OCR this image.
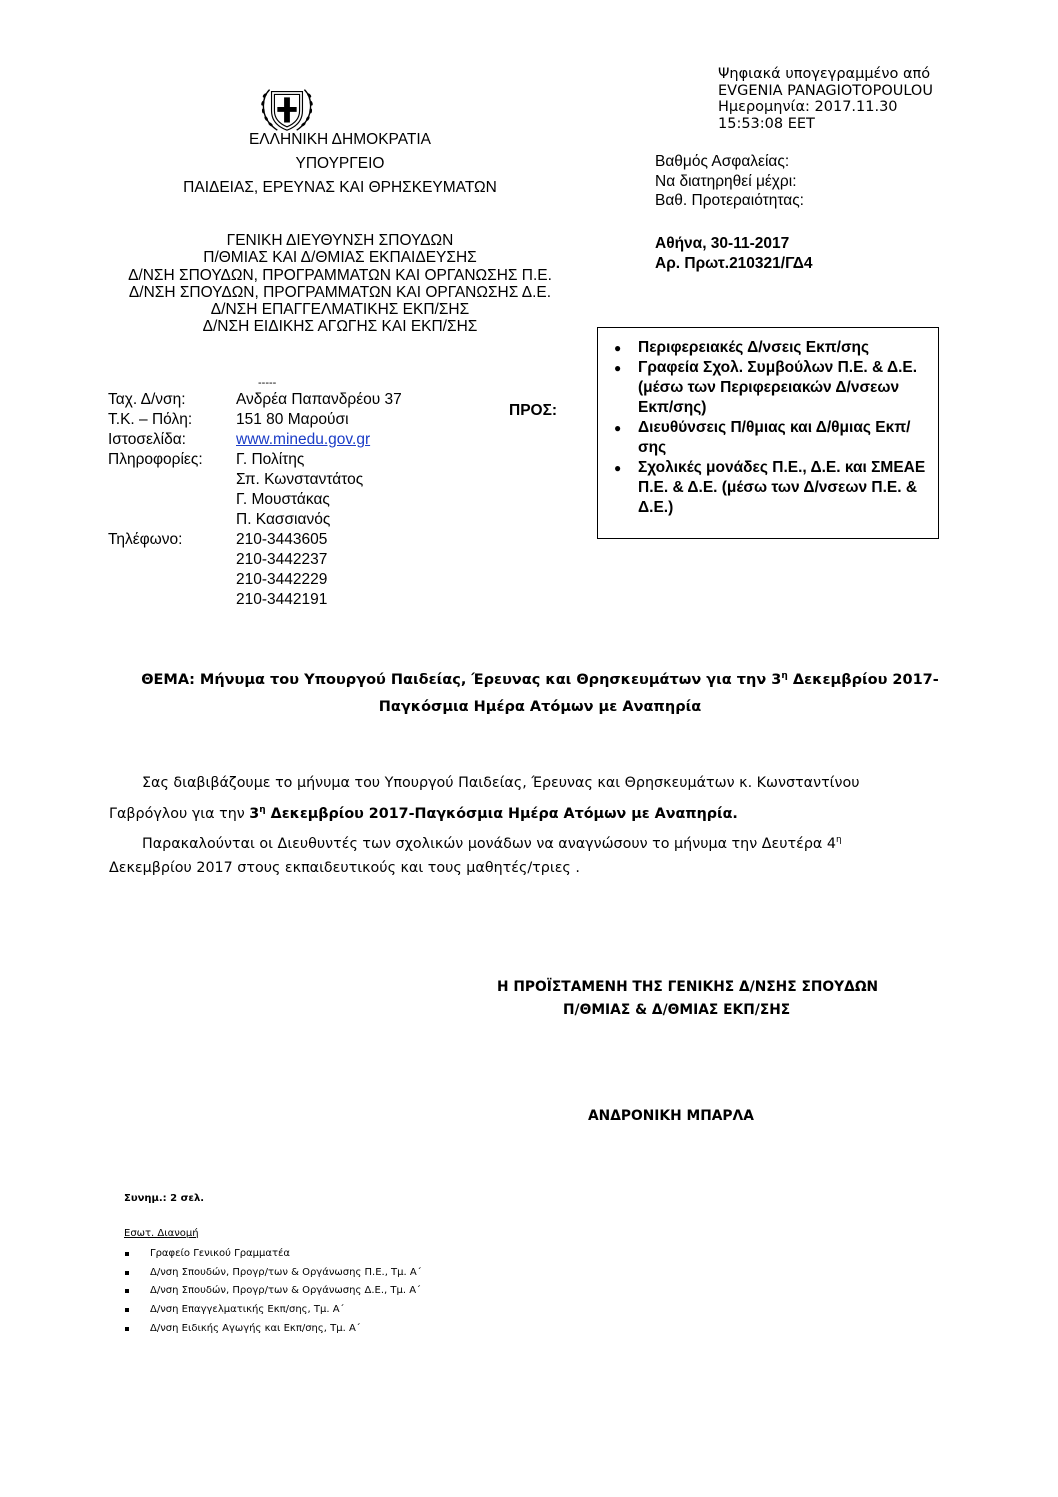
ΕΛΛΗΝΙΚΗ ΔΗΜΟΚΡΑΤΙΑ
ΥΠΟΥΡΓΕΙΟ
ΠΑΙΔΕΙΑΣ, ΕΡΕΥΝΑΣ ΚΑΙ ΘΡΗΣΚΕΥΜΑΤΩΝ
ΓΕΝΙΚΗ ΔΙΕΥΘΥΝΣΗ ΣΠΟΥΔΩΝ
Π/ΘΜΙΑΣ ΚΑΙ Δ/ΘΜΙΑΣ ΕΚΠΑΙΔΕΥΣΗΣ
Δ/ΝΣΗ ΣΠΟΥΔΩΝ, ΠΡΟΓΡΑΜΜΑΤΩΝ ΚΑΙ ΟΡΓΑΝΩΣΗΣ Π.Ε.
Δ/ΝΣΗ ΣΠΟΥΔΩΝ, ΠΡΟΓΡΑΜΜΑΤΩΝ ΚΑΙ ΟΡΓΑΝΩΣΗΣ Δ.Ε.
Δ/ΝΣΗ ΕΠΑΓΓΕΛΜΑΤΙΚΗΣ ΕΚΠ/ΣΗΣ
Δ/ΝΣΗ ΕΙΔΙΚΗΣ ΑΓΩΓΗΣ ΚΑΙ ΕΚΠ/ΣΗΣ
-----
Ταχ. Δ/νση:	Ανδρέα Παπανδρέου 37
Τ.Κ. – Πόλη:	151 80 Μαρούσι
Ιστοσελίδα:	www.minedu.gov.gr
Πληροφορίες:	Γ. Πολίτης
Σπ. Κωνσταντάτος
Γ. Μουστάκας
Π. Κασσιανός
Τηλέφωνο:	210-3443605
210-3442237
210-3442229
210-3442191
Ψηφιακά υπογεγραμμένο από
EVGENIA PANAGIOTOPOULOU
Ημερομηνία: 2017.11.30
15:53:08 EET
Βαθμός Ασφαλείας:
Να διατηρηθεί μέχρι:
Βαθ. Προτεραιότητας:
Αθήνα, 30-11-2017
Αρ. Πρωτ.210321/ΓΔ4
ΠΡΟΣ:
● Περιφερειακές Δ/νσεις Εκπ/σης
● Γραφεία Σχολ. Συμβούλων Π.Ε. & Δ.Ε. (μέσω των Περιφερειακών Δ/νσεων Εκπ/σης)
● Διευθύνσεις Π/θμιας και Δ/θμιας Εκπ/σης
● Σχολικές μονάδες Π.Ε., Δ.Ε. και ΣΜΕΑΕ Π.Ε. & Δ.Ε. (μέσω των Δ/νσεων Π.Ε. & Δ.Ε.)
ΘΕΜΑ: Μήνυμα του Υπουργού Παιδείας, Έρευνας και Θρησκευμάτων για την $3^\eta$ Δεκεμβρίου 2017-
Παγκόσμια Ημέρα Ατόμων με Αναπηρία
Σας διαβιβάζουμε το μήνυμα του Υπουργού Παιδείας, Έρευνας και Θρησκευμάτων κ. Κωνσταντίνου
Γαβρόγλου για την $3^\eta$ Δεκεμβρίου 2017-Παγκόσμια Ημέρα Ατόμων με Αναπηρία.
Παρακαλούνται οι Διευθυντές των σχολικών μονάδων να αναγνώσουν το μήνυμα την Δευτέρα $4^\eta$
Δεκεμβρίου 2017 στους εκπαιδευτικούς και τους μαθητές/τριες .
Η ΠΡΟΪΣΤΑΜΕΝΗ ΤΗΣ ΓΕΝΙΚΗΣ Δ/ΝΣΗΣ ΣΠΟΥΔΩΝ
Π/ΘΜΙΑΣ & Δ/ΘΜΙΑΣ ΕΚΠ/ΣΗΣ
ΑΝΔΡΟΝΙΚΗ ΜΠΑΡΛΑ
Συνημ.: 2 σελ.
Εσωτ. Διανομή
Γραφείο Γενικού Γραμματέα
Δ/νση Σπουδών, Προγρ/των & Οργάνωσης Π.Ε., Τμ. Α΄
Δ/νση Σπουδών, Προγρ/των & Οργάνωσης Δ.Ε., Τμ. Α΄
Δ/νση Επαγγελματικής Εκπ/σης, Τμ. Α΄
Δ/νση Ειδικής Αγωγής και Εκπ/σης, Τμ. Α΄
